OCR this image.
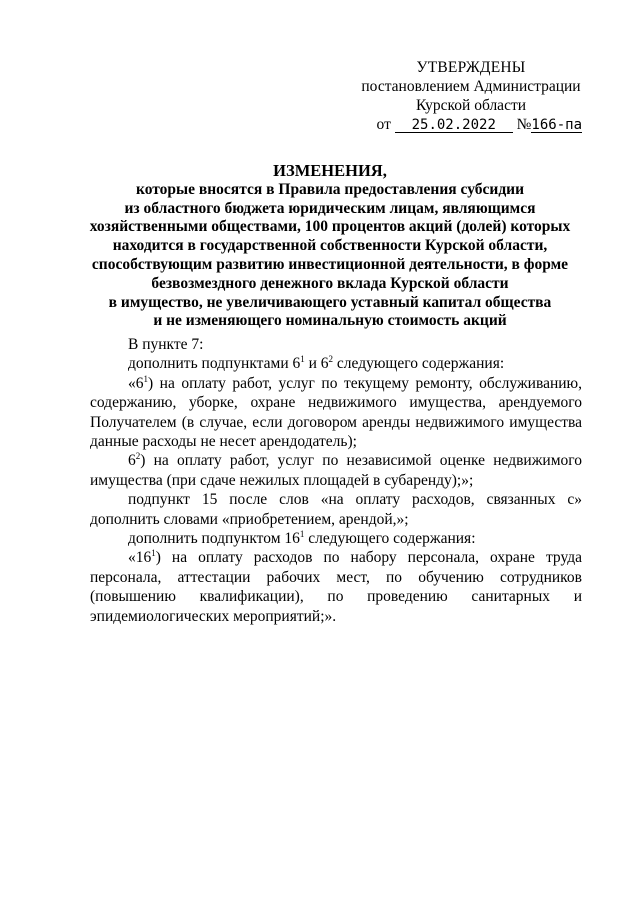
УТВЕРЖДЕНЫ
постановлением Администрации
Курской области
от 25.02.2022 №166-па
ИЗМЕНЕНИЯ,
которые вносятся в Правила предоставления субсидии
из областного бюджета юридическим лицам, являющимся
хозяйственными обществами, 100 процентов акций (долей) которых
находится в государственной собственности Курской области,
способствующим развитию инвестиционной деятельности, в форме
безвозмездного денежного вклада Курской области
в имущество, не увеличивающего уставный капитал общества
и не изменяющего номинальную стоимость акций

В пункте 7:

дополнить подпунктами $6^1$ и $6^2$ следующего содержания:

«$6^1$) на оплату работ, услуг по текущему ремонту, обслуживанию, содержанию, уборке, охране недвижимого имущества, арендуемого Получателем (в случае, если договором аренды недвижимого имущества данные расходы не несет арендодатель);

$6^2$) на оплату работ, услуг по независимой оценке недвижимого имущества (при сдаче нежилых площадей в субаренду);»;

подпункт 15 после слов «на оплату расходов, связанных с» дополнить словами «приобретением, арендой,»;

дополнить подпунктом $16^1$ следующего содержания:

«$16^1$) на оплату расходов по набору персонала, охране труда персонала, аттестации рабочих мест, по обучению сотрудников (повышению квалификации), по проведению санитарных и эпидемиологических мероприятий;».
